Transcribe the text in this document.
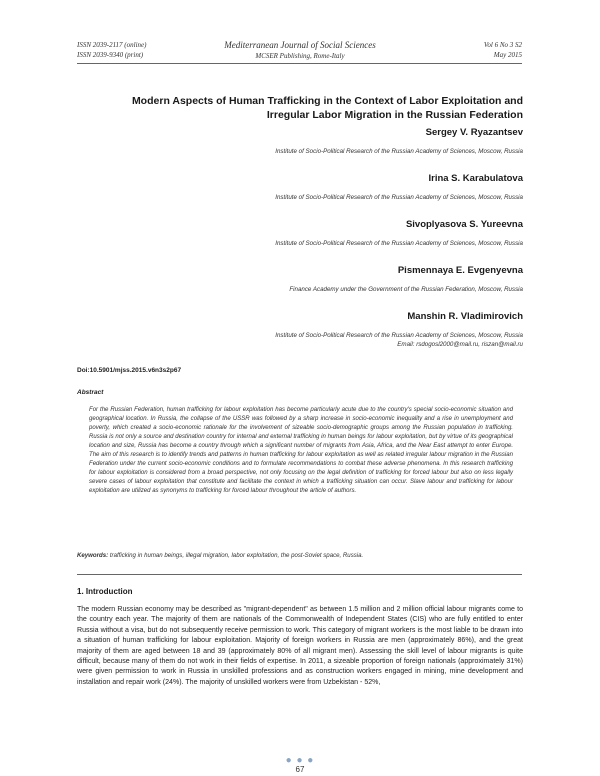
ISSN 2039-2117 (online)
ISSN 2039-9340 (print)
Mediterranean Journal of Social Sciences
MCSER Publishing, Rome-Italy
Vol 6 No 3 S2
May 2015
Modern Aspects of Human Trafficking in the Context of Labor Exploitation and Irregular Labor Migration in the Russian Federation
Sergey V. Ryazantsev
Institute of Socio-Political Research of the Russian Academy of Sciences, Moscow, Russia
Irina S. Karabulatova
Institute of Socio-Political Research of the Russian Academy of Sciences, Moscow, Russia
Sivoplyasova S. Yureevna
Institute of Socio-Political Research of the Russian Academy of Sciences, Moscow, Russia
Pismennaya E. Evgenyevna
Finance Academy under the Government of the Russian Federation, Moscow, Russia
Manshin R. Vladimirovich
Institute of Socio-Political Research of the Russian Academy of Sciences, Moscow, Russia
Email: rsdogosl2000@mail.ru, riszan@mail.ru
Doi:10.5901/mjss.2015.v6n3s2p67
Abstract
For the Russian Federation, human trafficking for labour exploitation has become particularly acute due to the country's special socio-economic situation and geographical location. In Russia, the collapse of the USSR was followed by a sharp increase in socio-economic inequality and a rise in unemployment and poverty, which created a socio-economic rationale for the involvement of sizeable socio-demographic groups among the Russian population in trafficking. Russia is not only a source and destination country for internal and external trafficking in human beings for labour exploitation, but by virtue of its geographical location and size, Russia has become a country through which a significant number of migrants from Asia, Africa, and the Near East attempt to enter Europe. The aim of this research is to identify trends and patterns in human trafficking for labour exploitation as well as related irregular labour migration in the Russian Federation under the current socio-economic conditions and to formulate recommendations to combat these adverse phenomena. In this research trafficking for labour exploitation is considered from a broad perspective, not only focusing on the legal definition of trafficking for forced labour but also on less legally severe cases of labour exploitation that constitute and facilitate the context in which a trafficking situation can occur. Slave labour and trafficking for labour exploitation are utilized as synonyms to trafficking for forced labour throughout the article of authors.
Keywords: trafficking in human beings, illegal migration, labor exploitation, the post-Soviet space, Russia.
1. Introduction
The modern Russian economy may be described as "migrant-dependent" as between 1.5 million and 2 million official labour migrants come to the country each year. The majority of them are nationals of the Commonwealth of Independent States (CIS) who are fully entitled to enter Russia without a visa, but do not subsequently receive permission to work. This category of migrant workers is the most liable to be drawn into a situation of human trafficking for labour exploitation. Majority of foreign workers in Russia are men (approximately 86%), and the great majority of them are aged between 18 and 39 (approximately 80% of all migrant men). Assessing the skill level of labour migrants is quite difficult, because many of them do not work in their fields of expertise. In 2011, a sizeable proportion of foreign nationals (approximately 31%) were given permission to work in Russia in unskilled professions and as construction workers engaged in mining, mine development and installation and repair work (24%). The majority of unskilled workers were from Uzbekistan - 52%,
● ● ●
67
